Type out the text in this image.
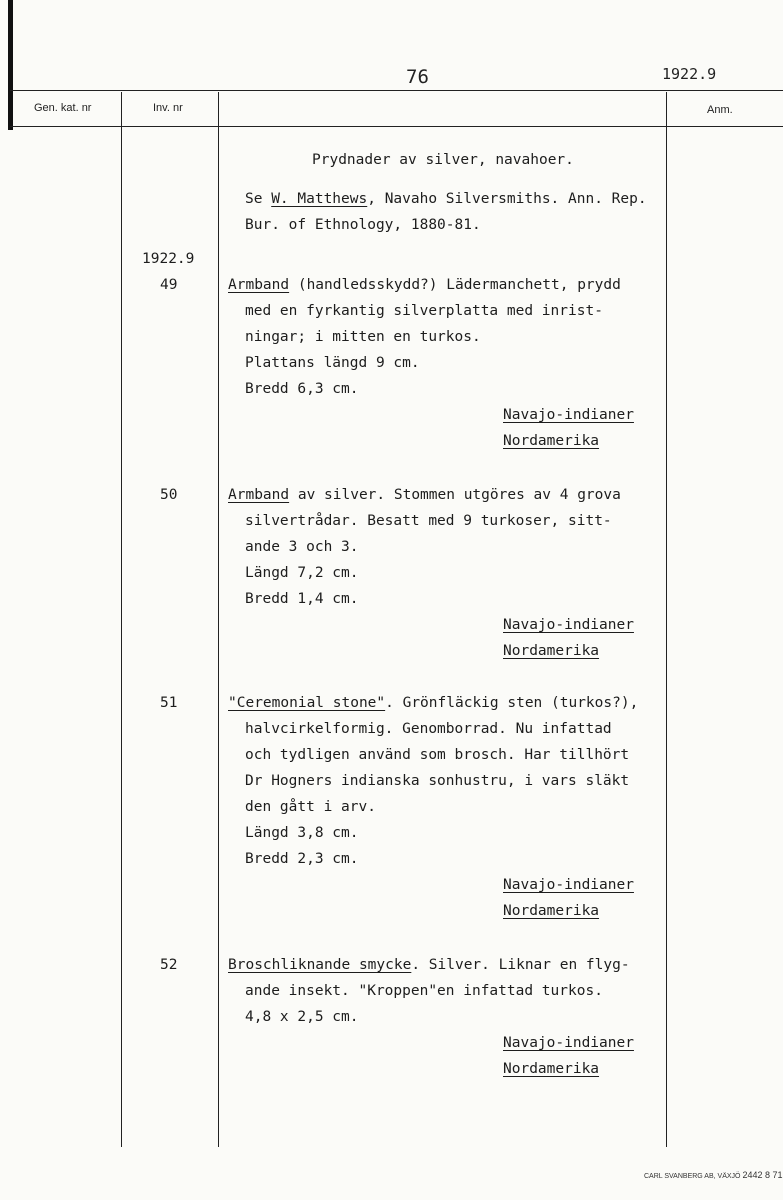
76	1922.9
Gen. kat. nr	Inv. nr	Anm.
Prydnader av silver, navahoer.
Se W. Matthews, Navaho Silversmiths. Ann. Rep.
Bur. of Ethnology, 1880-81.
1922.9
49	Armband (handledsskydd?) Lädermanchett, prydd
med en fyrkantig silverplatta med inrist-
ningar; i mitten en turkos.
Plattans längd 9 cm.
Bredd 6,3 cm.
Navajo-indianer
Nordamerika
50	Armband av silver. Stommen utgöres av 4 grova
silvertrådar. Besatt med 9 turkoser, sitt-
ande 3 och 3.
Längd 7,2 cm.
Bredd 1,4 cm.
Navajo-indianer
Nordamerika
51	"Ceremonial stone". Grönfläckig sten (turkos?),
halvcirkelformig. Genomborrad. Nu infattad
och tydligen använd som brosch. Har tillhört
Dr Hogners indianska sonhustru, i vars släkt
den gått i arv.
Längd 3,8 cm.
Bredd 2,3 cm.
Navajo-indianer
Nordamerika
52	Broschliknande smycke. Silver. Liknar en flyg-
ande insekt. "Kroppen"en infattad turkos.
4,8 x 2,5 cm.
Navajo-indianer
Nordamerika
CARL SVANBERG AB, VÄXJÖ 2442 8 71
